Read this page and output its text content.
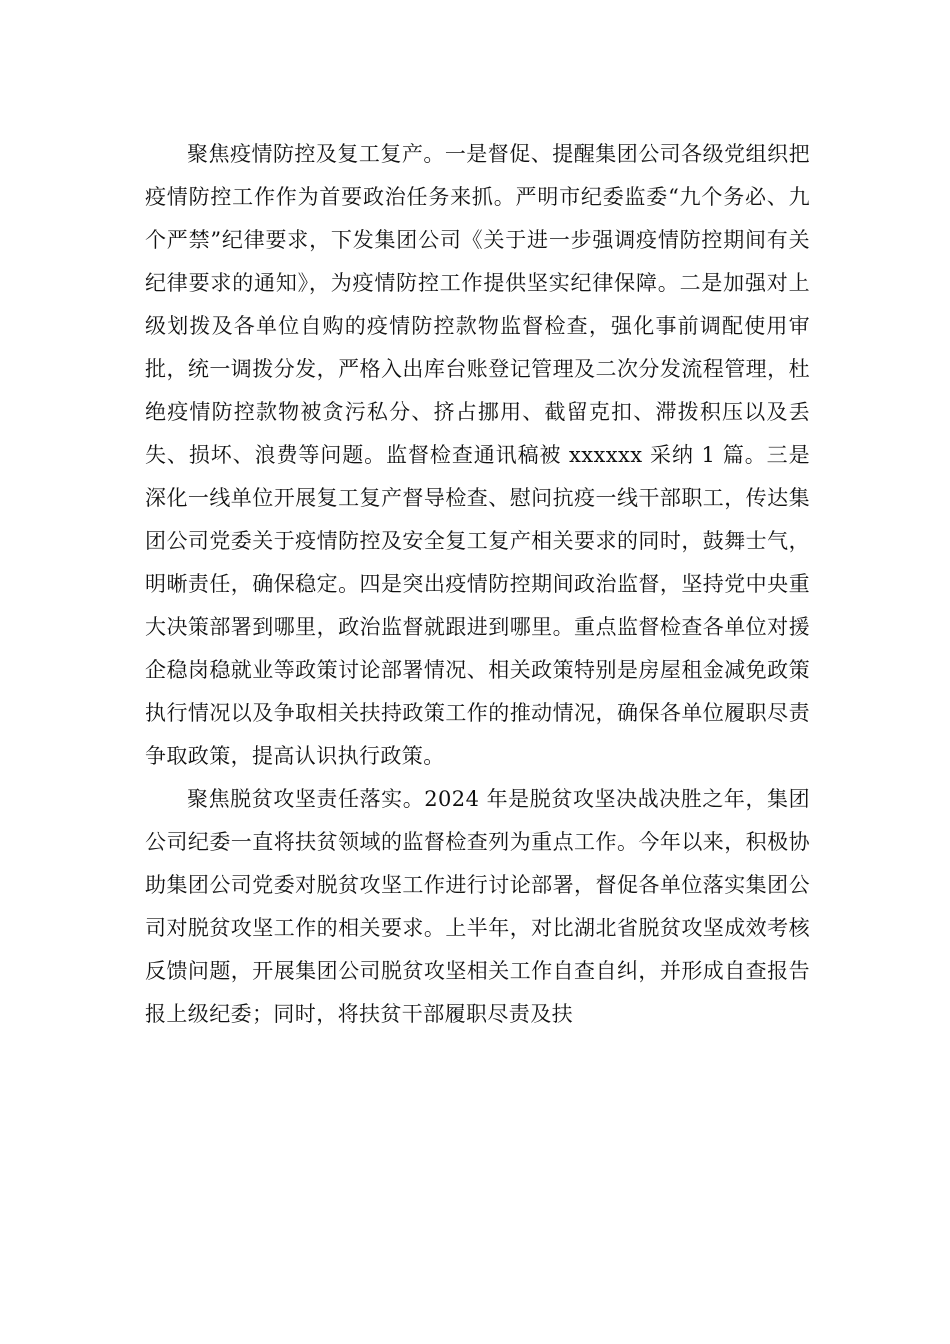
聚焦疫情防控及复工复产。一是督促、提醒集团公司各级党组织把疫情防控工作作为首要政治任务来抓。严明市纪委监委“九个务必、九个严禁”纪律要求，下发集团公司《关于进一步强调疫情防控期间有关纪律要求的通知》，为疫情防控工作提供坚实纪律保障。二是加强对上级划拨及各单位自购的疫情防控款物监督检查，强化事前调配使用审批，统一调拨分发，严格入出库台账登记管理及二次分发流程管理，杜绝疫情防控款物被贪污私分、挤占挪用、截留克扣、滞拨积压以及丢失、损坏、浪费等问题。监督检查通讯稿被 xxxxxx 采纳 1 篇。三是深化一线单位开展复工复产督导检查、慰问抗疫一线干部职工，传达集团公司党委关于疫情防控及安全复工复产相关要求的同时，鼓舞士气，明晰责任，确保稳定。四是突出疫情防控期间政治监督，坚持党中央重大决策部署到哪里，政治监督就跟进到哪里。重点监督检查各单位对援企稳岗稳就业等政策讨论部署情况、相关政策特别是房屋租金减免政策执行情况以及争取相关扶持政策工作的推动情况，确保各单位履职尽责争取政策，提高认识执行政策。

聚焦脱贫攻坚责任落实。2024 年是脱贫攻坚决战决胜之年，集团公司纪委一直将扶贫领域的监督检查列为重点工作。今年以来，积极协助集团公司党委对脱贫攻坚工作进行讨论部署，督促各单位落实集团公司对脱贫攻坚工作的相关要求。上半年，对比湖北省脱贫攻坚成效考核反馈问题，开展集团公司脱贫攻坚相关工作自查自纠，并形成自查报告报上级纪委；同时，将扶贫干部履职尽责及扶
